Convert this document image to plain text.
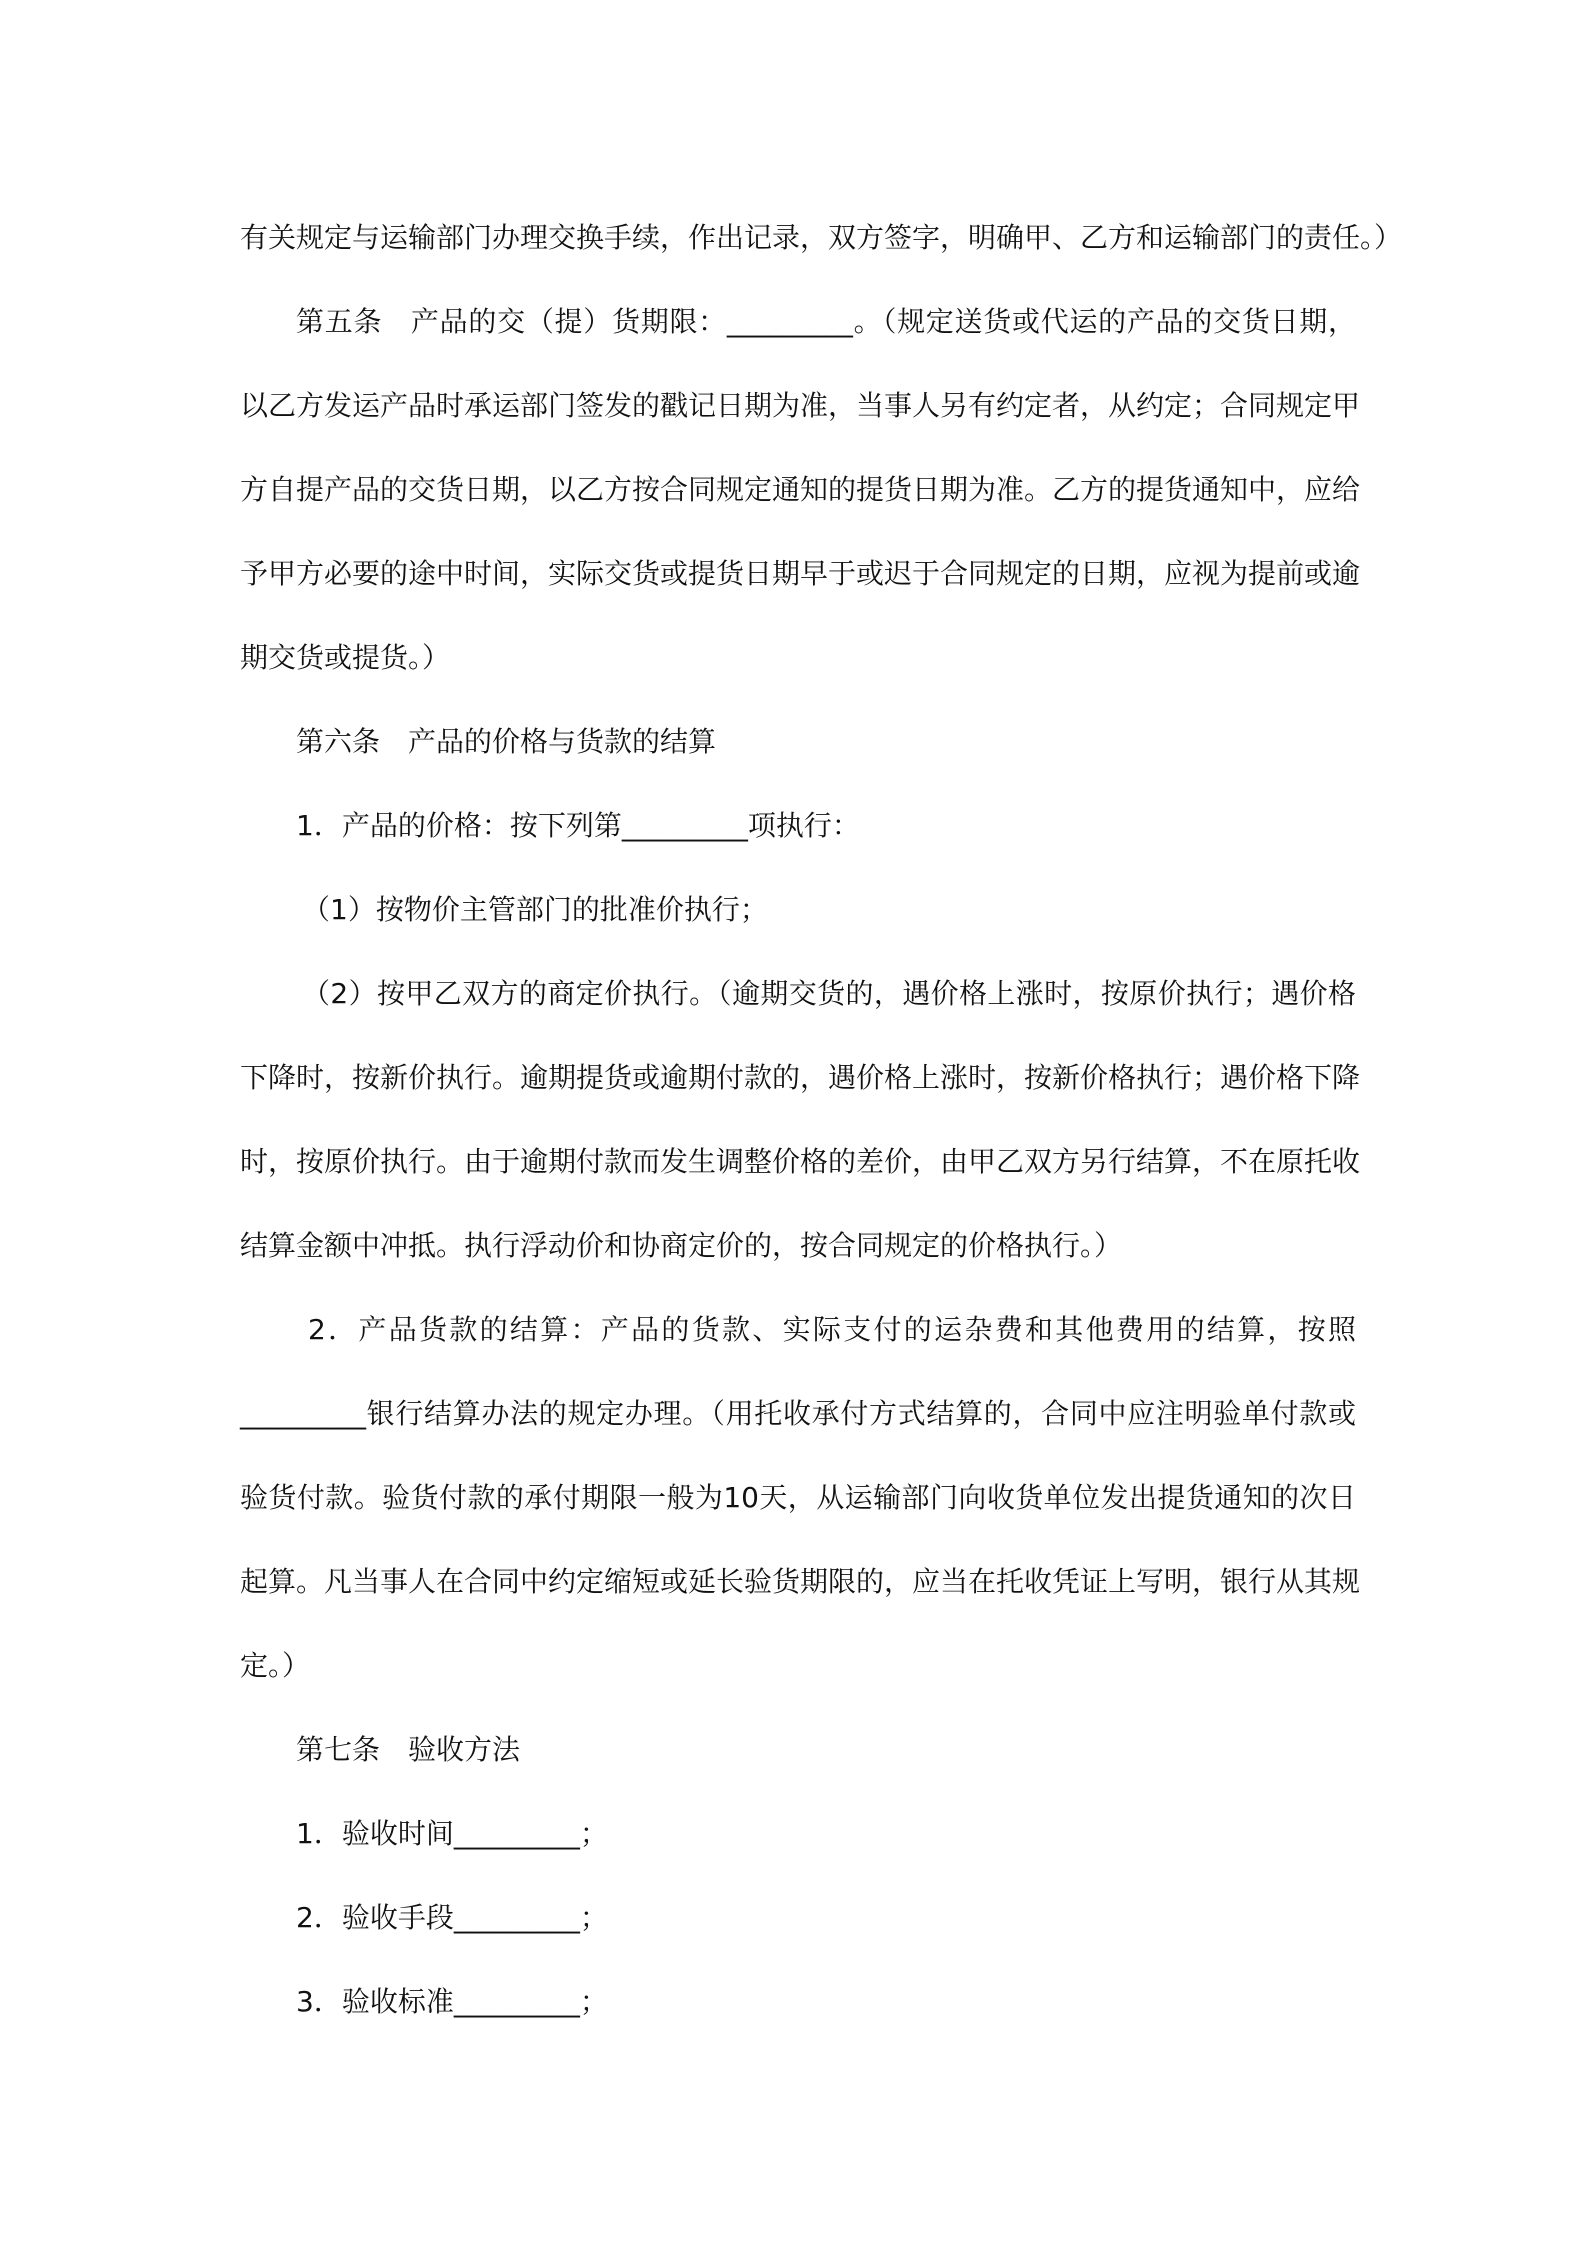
有关规定与运输部门办理交换手续，作出记录，双方签字，明确甲、乙方和运输部门的责任。）
第五条　产品的交（提）货期限：_________。（规定送货或代运的产品的交货日期，
以乙方发运产品时承运部门签发的戳记日期为准，当事人另有约定者，从约定；合同规定甲
方自提产品的交货日期，以乙方按合同规定通知的提货日期为准。乙方的提货通知中，应给
予甲方必要的途中时间，实际交货或提货日期早于或迟于合同规定的日期，应视为提前或逾
期交货或提货。）
第六条　产品的价格与货款的结算
1．产品的价格：按下列第_________项执行：
（1）按物价主管部门的批准价执行；
（2）按甲乙双方的商定价执行。（逾期交货的，遇价格上涨时，按原价执行；遇价格
下降时，按新价执行。逾期提货或逾期付款的，遇价格上涨时，按新价格执行；遇价格下降
时，按原价执行。由于逾期付款而发生调整价格的差价，由甲乙双方另行结算，不在原托收
结算金额中冲抵。执行浮动价和协商定价的，按合同规定的价格执行。）
2．产品货款的结算：产品的货款、实际支付的运杂费和其他费用的结算，按照
_________银行结算办法的规定办理。（用托收承付方式结算的，合同中应注明验单付款或
验货付款。验货付款的承付期限一般为10天，从运输部门向收货单位发出提货通知的次日
起算。凡当事人在合同中约定缩短或延长验货期限的，应当在托收凭证上写明，银行从其规
定。）
第七条　验收方法
1．验收时间_________；
2．验收手段_________；
3．验收标准_________；
